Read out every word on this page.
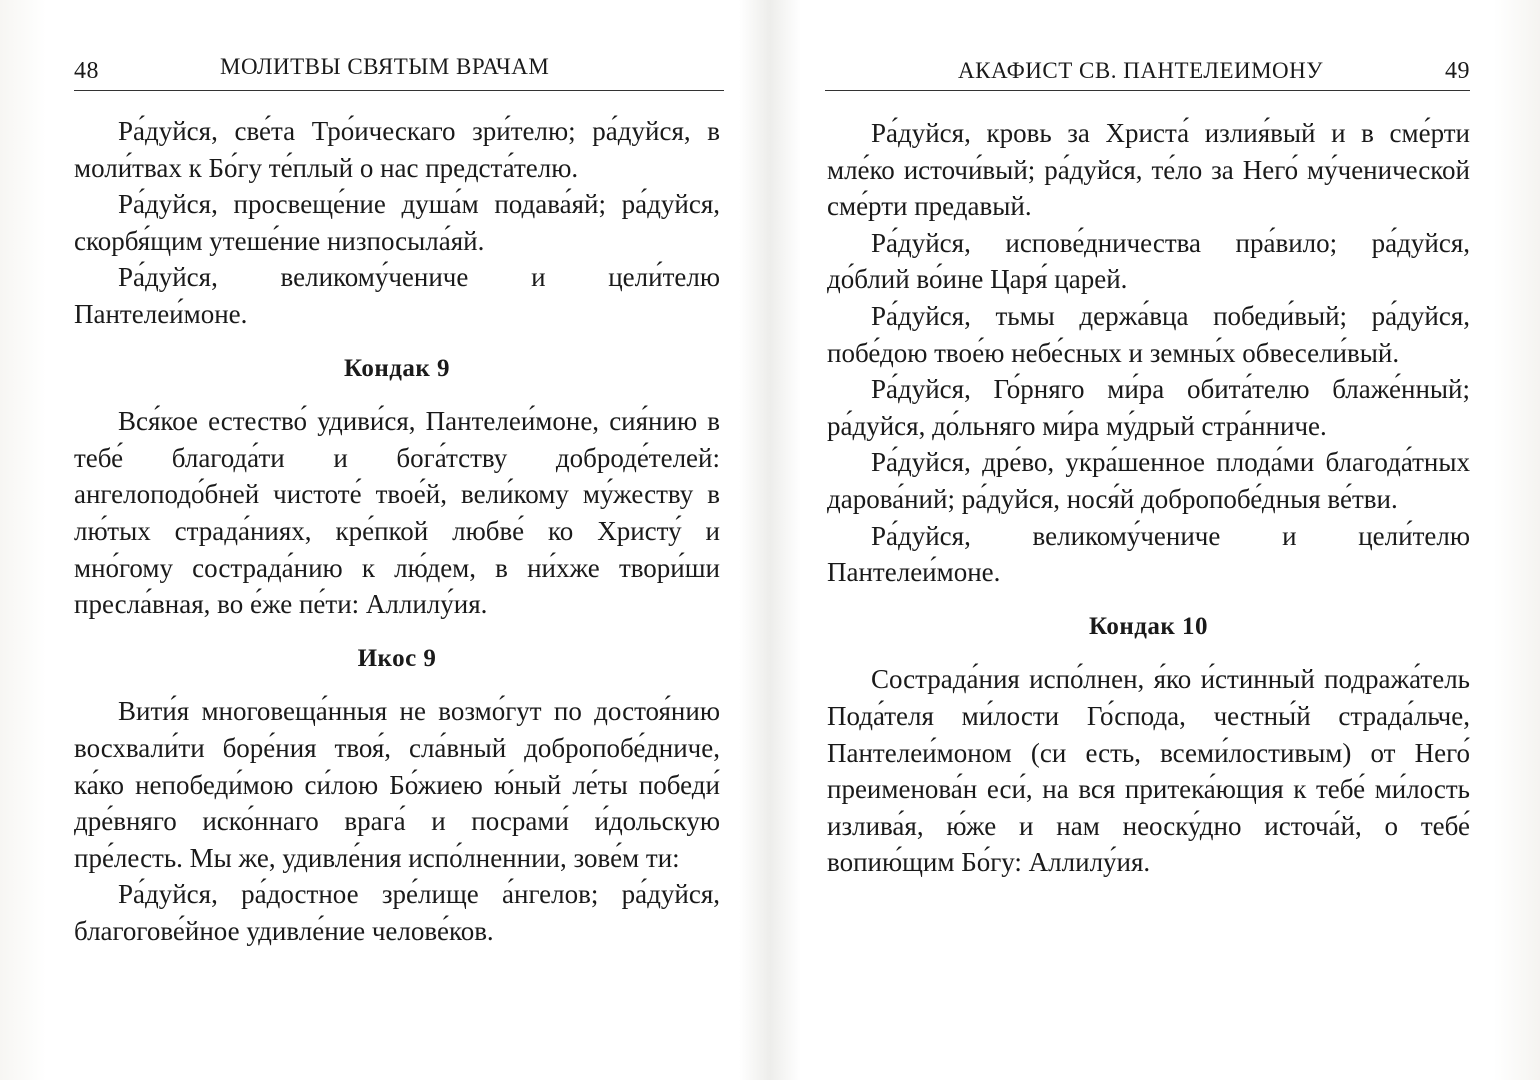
48	МОЛИТВЫ СВЯТЫМ ВРАЧАМ

Ра́дуйся, све́та Тро́ическаго зри́телю; ра́дуйся, в моли́твах к Бо́гу те́плый о нас предста́телю.

Ра́дуйся, просвеще́ние душа́м подава́яй; ра́дуйся, скорбя́щим утеше́ние низпосыла́яй.

Ра́дуйся, великому́чениче и цели́телю Пантелеи́моне.

Кондак 9

Вся́кое естество́ удиви́ся, Пантелеи́моне, сия́нию в тебе́ благода́ти и бога́тству доброде́телей: ангелоподо́бней чистоте́ твое́й, вели́кому му́жеству в лю́тых страда́ниях, кре́пкой любве́ ко Христу́ и мно́гому сострада́нию к лю́дем, в ни́хже твори́ши пресла́вная, во е́же пе́ти: Аллилу́ия.

Икос 9

Вити́я многовеща́нныя не возмо́гут по достоя́нию восхвали́ти боре́ния твоя́, сла́вный добропобе́дниче, ка́ко непобеди́мою си́лою Бо́жиею ю́ный ле́ты победи́ дре́вняго иско́ннаго врага́ и посрами́ и́дольскую пре́лесть. Мы же, удивле́ния испо́лненнии, зове́м ти:

Ра́дуйся, ра́достное зре́лище а́нгелов; ра́дуйся, благогове́йное удивле́ние челове́ков.

АКАФИСТ СВ. ПАНТЕЛЕИМОНУ	49

Ра́дуйся, кровь за Христа́ излия́вый и в сме́рти мле́ко источи́вый; ра́дуйся, те́ло за Него́ му́ченической сме́рти предавый.

Ра́дуйся, испове́дничества пра́вило; ра́дуйся, до́блий во́ине Царя́ царей.

Ра́дуйся, тьмы держа́вца победи́вый; ра́дуйся, побе́дою твое́ю небе́сных и земны́х обвесели́вый.

Ра́дуйся, Го́рняго ми́ра обита́телю блаже́нный; ра́дуйся, до́льняго ми́ра му́дрый стра́нниче.

Ра́дуйся, дре́во, укра́шенное плода́ми благода́тных дарова́ний; ра́дуйся, нося́й добропобе́дныя ве́тви.

Ра́дуйся, великому́чениче и цели́телю Пантелеи́моне.

Кондак 10

Сострада́ния испо́лнен, я́ко и́стинный подража́тель Пода́теля ми́лости Го́спода, честны́й страда́льче, Пантелеи́моном (си есть, всеми́лостивым) от Него́ преименова́н еси́, на вся притека́ющия к тебе́ ми́лость излива́я, ю́же и нам неоску́дно источа́й, о тебе́ вопию́щим Бо́гу: Аллилу́ия.
